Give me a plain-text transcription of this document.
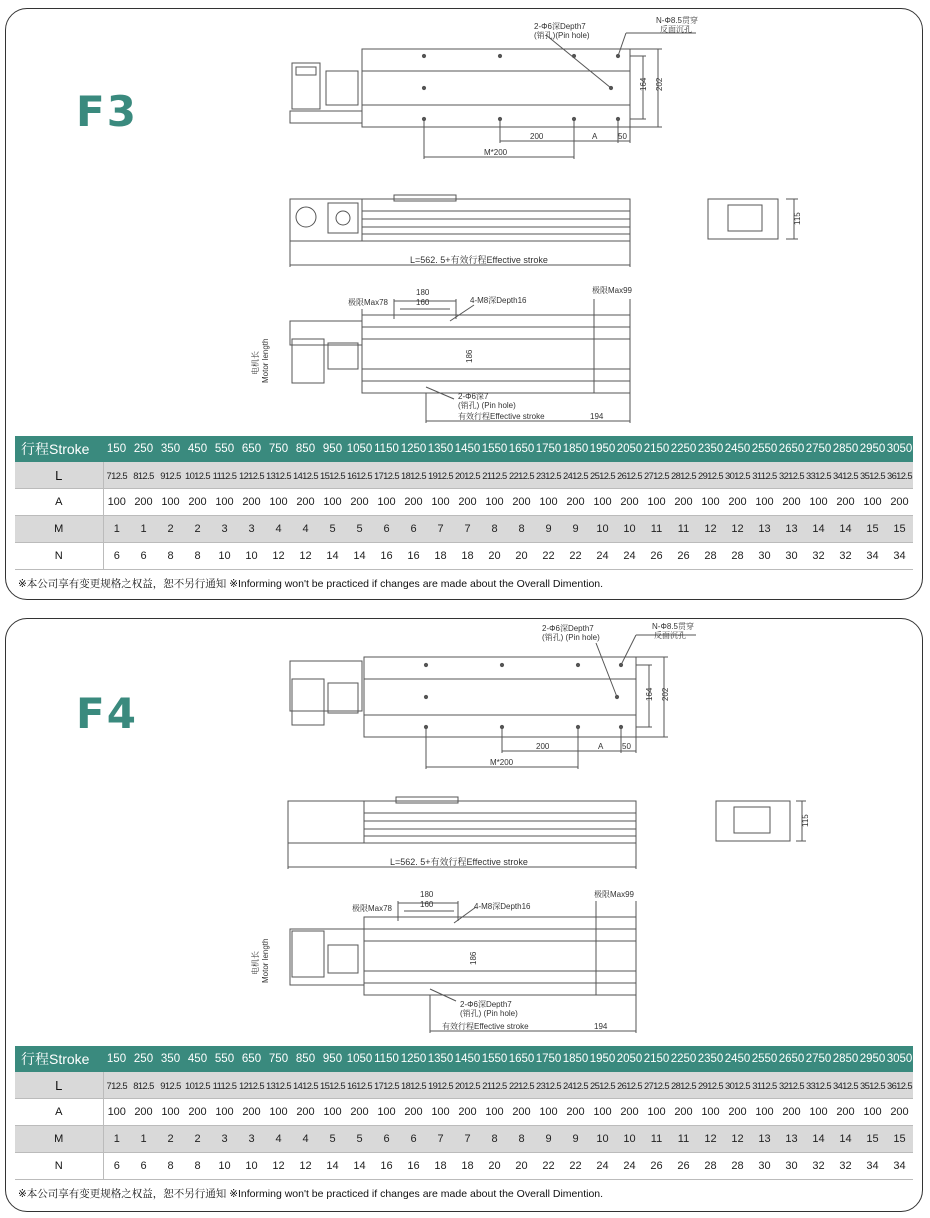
F3
2-Φ6深Depth7
(销孔)(Pin hole)
N-Φ8.5贯穿
反面沉孔
164 202
200	A	50
M*200
L=562. 5+有效行程Effective stroke
115
极限Max78
180
160	4-M8深Depth16
极限Max99
186
电机长 Motor length
2-Φ6深7
(销孔) (Pin hole)
有效行程Effective stroke	194
行程Stroke	150	250	350	450	550	650	750	850	950	1050	1150	1250	1350	1450	1550	1650	1750	1850	1950	2050	2150	2250	2350	2450	2550	2650	2750	2850	2950	3050
L	712.5	812.5	912.5	1012.5	1112.5	1212.5	1312.5	1412.5	1512.5	1612.5	1712.5	1812.5	1912.5	2012.5	2112.5	2212.5	2312.5	2412.5	2512.5	2612.5	2712.5	2812.5	2912.5	3012.5	3112.5	3212.5	3312.5	3412.5	3512.5	3612.5
A	100	200	100	200	100	200	100	200	100	200	100	200	100	200	100	200	100	200	100	200	100	200	100	200	100	200	100	200	100	200
M	1	1	2	2	3	3	4	4	5	5	6	6	7	7	8	8	9	9	10	10	11	11	12	12	13	13	14	14	15	15
N	6	6	8	8	10	10	12	12	14	14	16	16	18	18	20	20	22	22	24	24	26	26	28	28	30	30	32	32	34	34
※本公司享有变更规格之权益，恕不另行通知 ※Informing won't be practiced if changes are made about the Overall Dimention.
F4
2-Φ6深Depth7
(销孔) (Pin hole)
N-Φ8.5贯穿
反面沉孔
164 202
200	A 50
M*200
L=562. 5+有效行程Effective stroke
115
极限Max78
180
160	4-M8深Depth16
极限Max99
186
电机长 Motor length
2-Φ6深Depth7
(销孔) (Pin hole)
有效行程Effective stroke	194
行程Stroke	150	250	350	450	550	650	750	850	950	1050	1150	1250	1350	1450	1550	1650	1750	1850	1950	2050	2150	2250	2350	2450	2550	2650	2750	2850	2950	3050
L	712.5	812.5	912.5	1012.5	1112.5	1212.5	1312.5	1412.5	1512.5	1612.5	1712.5	1812.5	1912.5	2012.5	2112.5	2212.5	2312.5	2412.5	2512.5	2612.5	2712.5	2812.5	2912.5	3012.5	3112.5	3212.5	3312.5	3412.5	3512.5	3612.5
A	100	200	100	200	100	200	100	200	100	200	100	200	100	200	100	200	100	200	100	200	100	200	100	200	100	200	100	200	100	200
M	1	1	2	2	3	3	4	4	5	5	6	6	7	7	8	8	9	9	10	10	11	11	12	12	13	13	14	14	15	15
N	6	6	8	8	10	10	12	12	14	14	16	16	18	18	20	20	22	22	24	24	26	26	28	28	30	30	32	32	34	34
※本公司享有变更规格之权益，恕不另行通知 ※Informing won't be practiced if changes are made about the Overall Dimention.
